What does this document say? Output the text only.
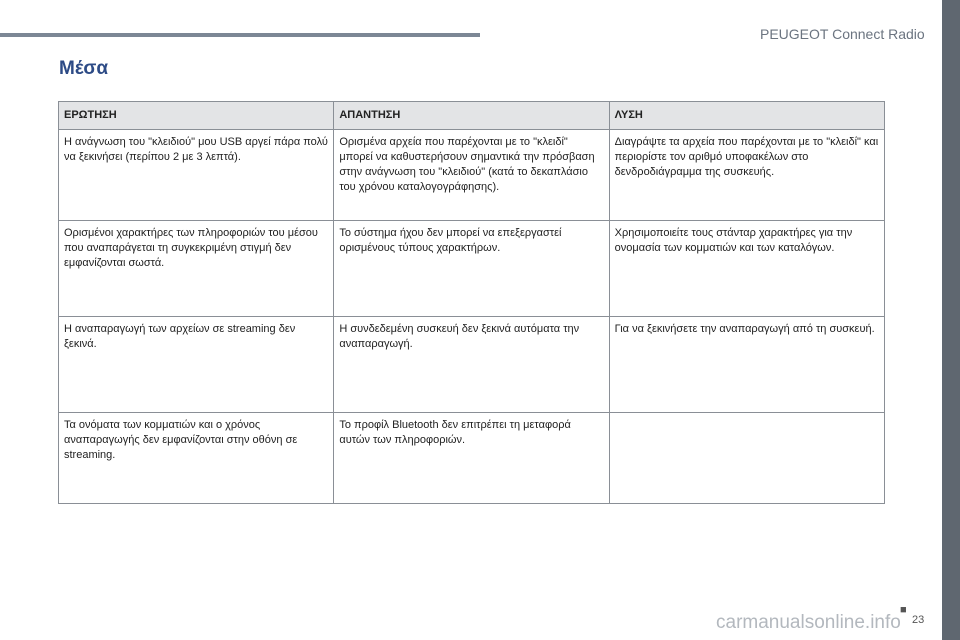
PEUGEOT Connect Radio
Μέσα
ΕΡΩΤΗΣΗ	ΑΠΑΝΤΗΣΗ	ΛΥΣΗ
Η ανάγνωση του "κλειδιού" μου USB αργεί πάρα πολύ να ξεκινήσει (περίπου 2 με 3 λεπτά).	Ορισμένα αρχεία που παρέχονται με το "κλειδί" μπορεί να καθυστερήσουν σημαντικά την πρόσβαση στην ανάγνωση του "κλειδιού" (κατά το δεκαπλάσιο του χρόνου καταλογογράφησης).	Διαγράψτε τα αρχεία που παρέχονται με το "κλειδί" και περιορίστε τον αριθμό υποφακέλων στο δενδροδιάγραμμα της συσκευής.
Ορισμένοι χαρακτήρες των πληροφοριών του μέσου που αναπαράγεται τη συγκεκριμένη στιγμή δεν εμφανίζονται σωστά.	Το σύστημα ήχου δεν μπορεί να επεξεργαστεί ορισμένους τύπους χαρακτήρων.	Χρησιμοποιείτε τους στάνταρ χαρακτήρες για την ονομασία των κομματιών και των καταλόγων.
Η αναπαραγωγή των αρχείων σε streaming δεν ξεκινά.	Η συνδεδεμένη συσκευή δεν ξεκινά αυτόματα την αναπαραγωγή.	Για να ξεκινήσετε την αναπαραγωγή από τη συσκευή.
Τα ονόματα των κομματιών και ο χρόνος αναπαραγωγής δεν εμφανίζονται στην οθόνη σε streaming.	Το προφίλ Bluetooth δεν επιτρέπει τη μεταφορά αυτών των πληροφοριών.	
■
carmanualsonline.info 23
